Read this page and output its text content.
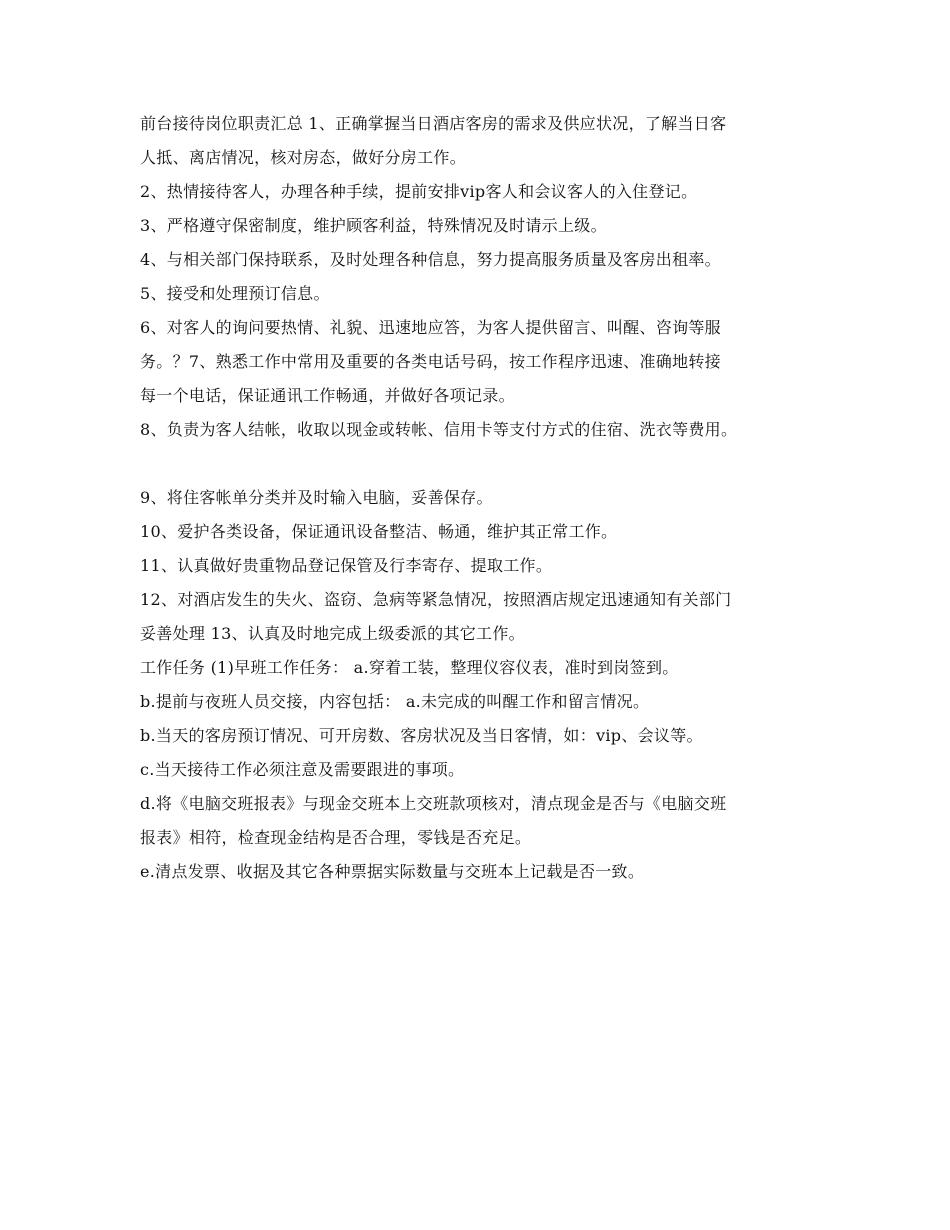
前台接待岗位职责汇总 1、正确掌握当日酒店客房的需求及供应状况，了解当日客
人抵、离店情况，核对房态，做好分房工作。
2、热情接待客人，办理各种手续，提前安排vip客人和会议客人的入住登记。
3、严格遵守保密制度，维护顾客利益，特殊情况及时请示上级。
4、与相关部门保持联系，及时处理各种信息，努力提高服务质量及客房出租率。
5、接受和处理预订信息。
6、对客人的询问要热情、礼貌、迅速地应答，为客人提供留言、叫醒、咨询等服
务。？7、熟悉工作中常用及重要的各类电话号码，按工作程序迅速、准确地转接
每一个电话，保证通讯工作畅通，并做好各项记录。
8、负责为客人结帐，收取以现金或转帐、信用卡等支付方式的住宿、洗衣等费用。
9、将住客帐单分类并及时输入电脑，妥善保存。
10、爱护各类设备，保证通讯设备整洁、畅通，维护其正常工作。
11、认真做好贵重物品登记保管及行李寄存、提取工作。
12、对酒店发生的失火、盗窃、急病等紧急情况，按照酒店规定迅速通知有关部门
妥善处理 13、认真及时地完成上级委派的其它工作。
工作任务 (1)早班工作任务： a.穿着工装，整理仪容仪表，准时到岗签到。
b.提前与夜班人员交接，内容包括： a.未完成的叫醒工作和留言情况。
b.当天的客房预订情况、可开房数、客房状况及当日客情，如：vip、会议等。
c.当天接待工作必须注意及需要跟进的事项。
d.将《电脑交班报表》与现金交班本上交班款项核对，清点现金是否与《电脑交班
报表》相符，检查现金结构是否合理，零钱是否充足。
e.清点发票、收据及其它各种票据实际数量与交班本上记载是否一致。
